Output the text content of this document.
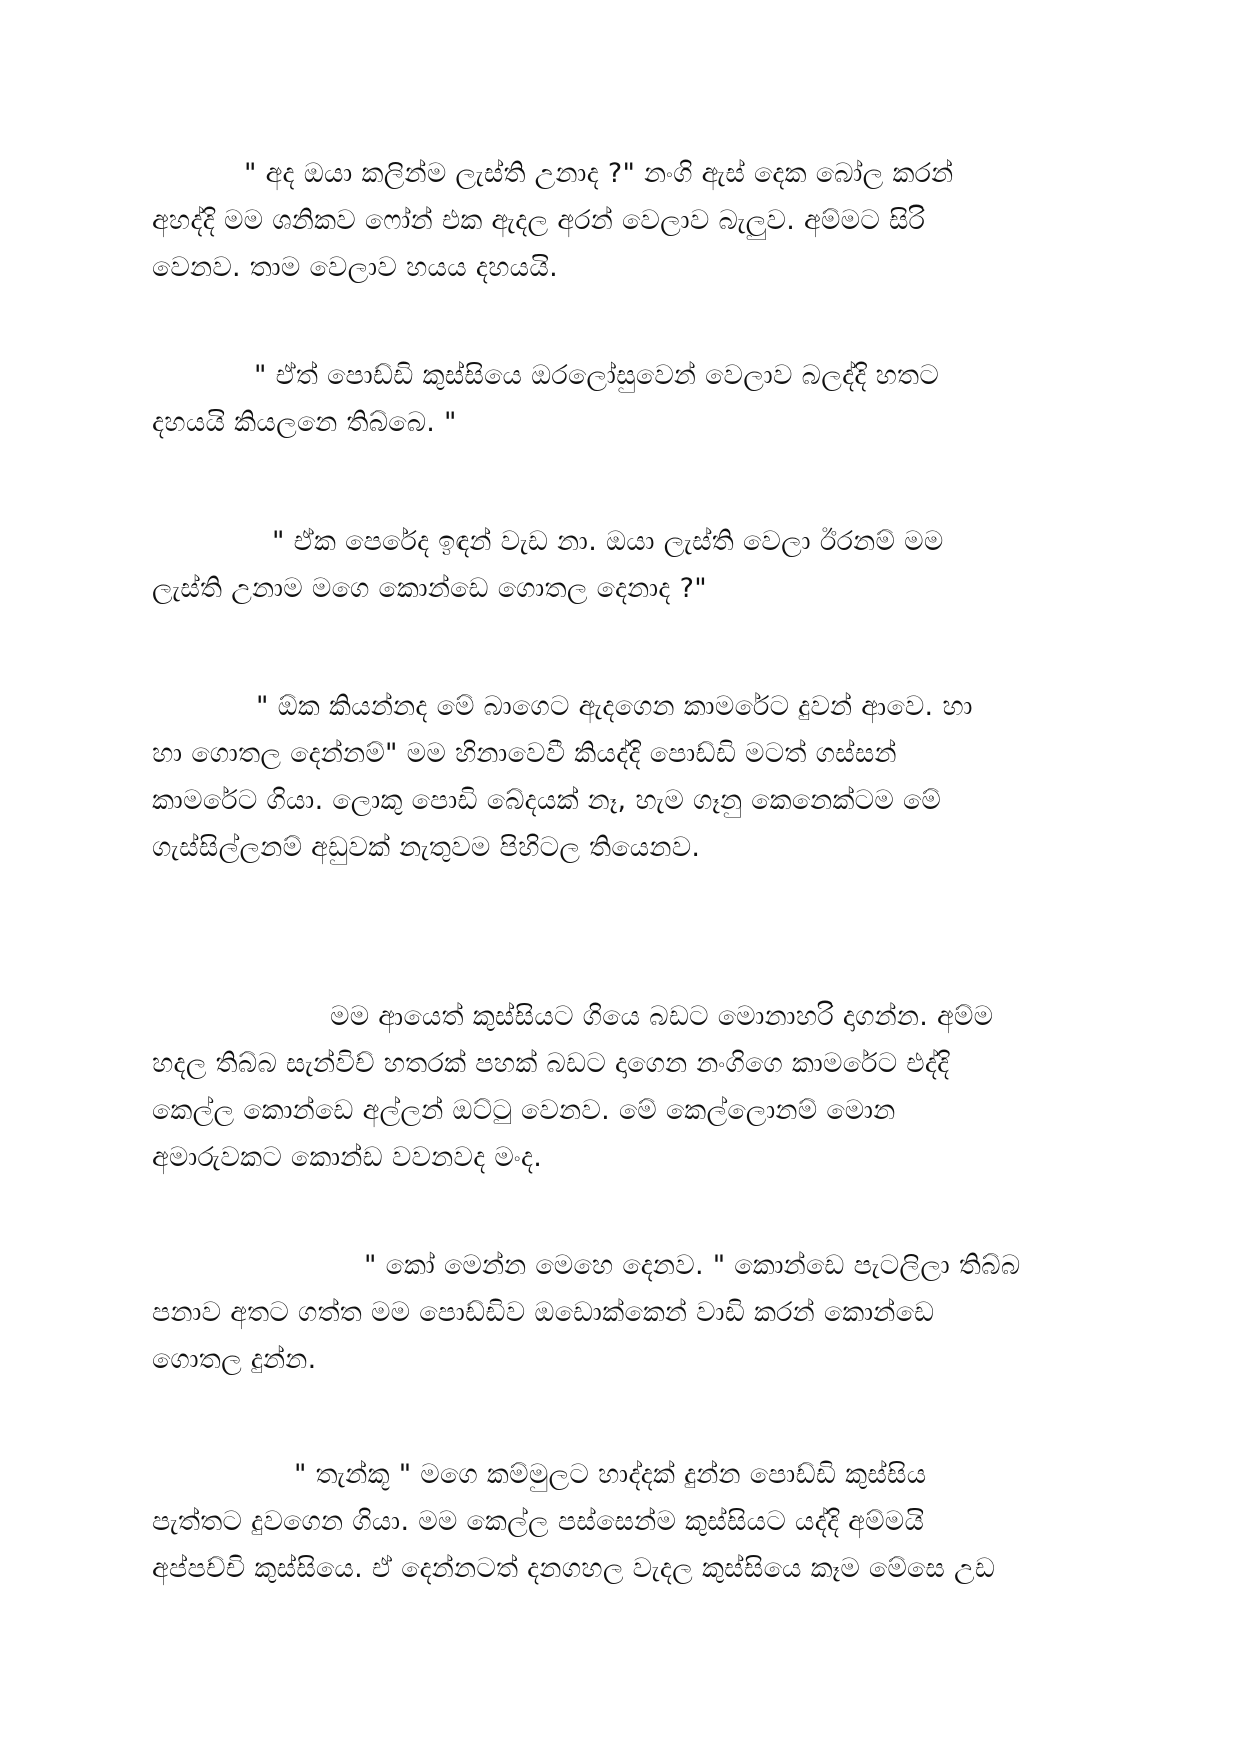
" අද ඔයා කලින්ම ලැස්ති උනාද ?" නංගි ඇස් දෙක බෝල කරන්
අහද්දි මම ශනිකව ෆෝන් එක ඇදල අරන් වෙලාව බැලුව. අම්මට සිරි
වෙනව. තාම වෙලාව හයය දහයයි.
" ඒත් පොඩ්ඩි කුස්සියෙ ඔරලෝසුවෙන් වෙලාව බලද්දි හතට
දහයයි කියලනෙ තිබ්බෙ. "
" ඒක පෙරේද ඉඳන් වැඩ නා. ඔයා ලැස්ති වෙලා ඊරනම් මම
ලැස්ති උනාම මගෙ කොන්ඩෙ ගොතල දෙනාද ?"
" ඕක කියන්නද මේ බාගෙට ඇදගෙන කාමරේට දුවන් ආවෙ. හා
හා ගොතල දෙන්නම්" මම හිනාවෙවී කියද්දි පොඩ්ඩි මටත් ගස්සන්
කාමරේට ගියා. ලොකු පොඩි බේදයක් නෑ, හැම ගෑනු කෙනෙක්ටම මේ
ගැස්සිල්ලනම් අඩුවක් නැතුවම පිහිටල තියෙනව.
මම ආයෙත් කුස්සියට ගියෙ බඩට මොනාහරි දාගන්න. අම්ම
හදල තිබ්බ සැන්විච් හතරක් පහක් බඩට දාගෙන නංගිගෙ කාමරේට එද්දි
කෙල්ල කොන්ඩෙ අල්ලන් ඔට්ටු වෙනව. මේ කෙල්ලොනම් මොන
අමාරුවකට කොන්ඩ වවනවද මංද.
" කෝ මෙන්න මෙහෙ දෙනව. " කොන්ඩෙ පැටලිලා තිබ්බ
පනාව අතට ගත්ත මම පොඩ්ඩිව ඔඩොක්කෙන් වාඩි කරන් කොන්ඩෙ
ගොතල දුන්න.
" තැන්කූ " මගෙ කම්මුලට හාද්දක් දුන්න පොඩ්ඩි කුස්සිය
පැත්තට දුවගෙන ගියා. මම කෙල්ල පස්සෙන්ම කුස්සියට යද්දි අම්මයි
අප්පච්චි කුස්සියෙ. ඒ දෙන්නටත් දනගහල වැදල කුස්සියෙ කෑම මේසෙ උඩ
